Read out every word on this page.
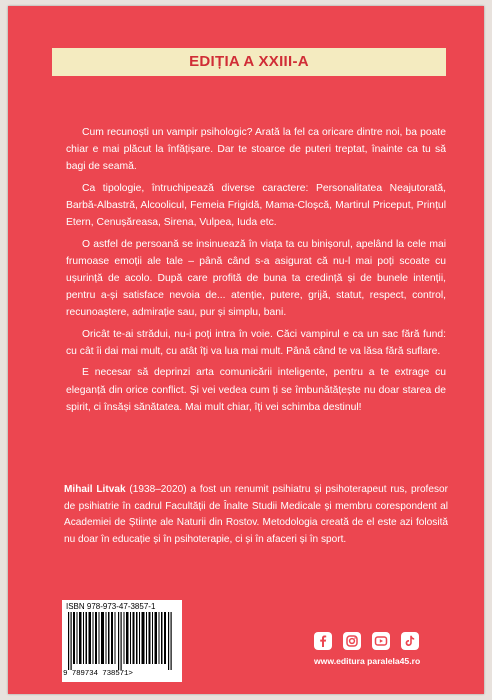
EDIȚIA A XXIII-A

Cum recunoști un vampir psihologic? Arată la fel ca oricare dintre noi, ba poate chiar e mai plăcut la înfățișare. Dar te stoarce de puteri treptat, înainte ca tu să bagi de seamă.

Ca tipologie, întruchipează diverse caractere: Personalitatea Neajutorată, Barbă-Albastră, Alcoolicul, Femeia Frigidă, Mama-Cloșcă, Martirul Priceput, Prințul Etern, Cenușăreasa, Sirena, Vulpea, Iuda etc.

O astfel de persoană se insinuează în viața ta cu binișorul, apelând la cele mai frumoase emoții ale tale – până când s-a asigurat că nu-l mai poți scoate cu ușurință de acolo. După care profită de buna ta credință și de bunele intenții, pentru a-și satisface nevoia de... atenție, putere, grijă, statut, respect, control, recunoaștere, admirație sau, pur și simplu, bani.

Oricât te-ai strădui, nu-i poți intra în voie. Căci vampirul e ca un sac fără fund: cu cât îi dai mai mult, cu atât îți va lua mai mult. Până când te va lăsa fără suflare.

E necesar să deprinzi arta comunicării inteligente, pentru a te extrage cu eleganță din orice conflict. Și vei vedea cum ți se îmbunătățește nu doar starea de spirit, ci însăși sănătatea. Mai mult chiar, îți vei schimba destinul!

Mihail Litvak (1938–2020) a fost un renumit psihiatru și psihoterapeut rus, profesor de psihiatrie în cadrul Facultății de Înalte Studii Medicale și membru corespondent al Academiei de Științe ale Naturii din Rostov. Metodologia creată de el este azi folosită nu doar în educație și în psihoterapie, ci și în afaceri și în sport.
ISBN 978-973-47-3857-1
9 789734 738571>
www.editura paralela45.ro
